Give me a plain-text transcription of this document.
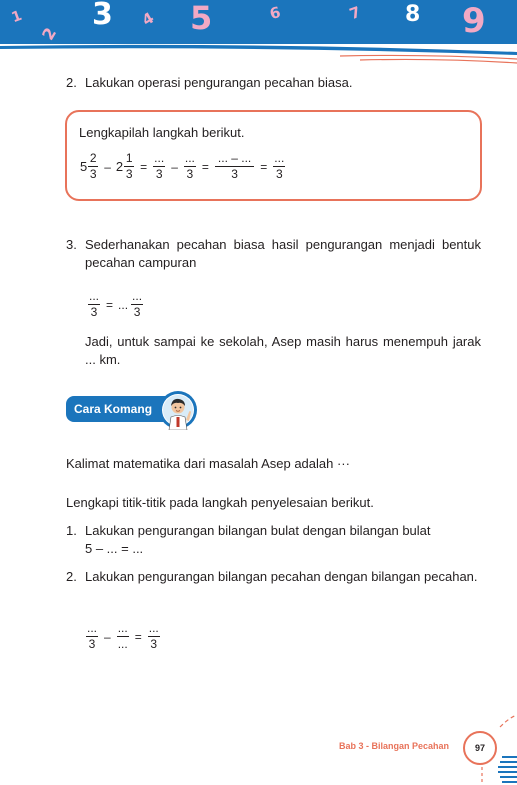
1
2
3 4 5	6	7 8 9
2. Lakukan operasi pengurangan pecahan biasa.
Lengkapilah langkah berikut.
$5 \frac{2}{3} - 2 \frac{1}{3} = \frac{...}{3} - \frac{...}{3} = \frac{... - ...}{3} = \frac{...}{3}$
3. Sederhanakan pecahan biasa hasil pengurangan menjadi bentuk pecahan campuran
$\frac{...}{3}$ = ... $\frac{...}{3}$
Jadi, untuk sampai ke sekolah, Asep masih harus menempuh jarak ... km.
Cara Komang
Kalimat matematika dari masalah Asep adalah ···
Lengkapi titik-titik pada langkah penyelesaian berikut.
1. Lakukan pengurangan bilangan bulat dengan bilangan bulat
5 – ... = ...
2. Lakukan pengurangan bilangan pecahan dengan bilangan pecahan.
$\frac{...}{3} - \frac{...}{...} = \frac{...}{3}$
Bab 3 - Bilangan Pecahan	97
